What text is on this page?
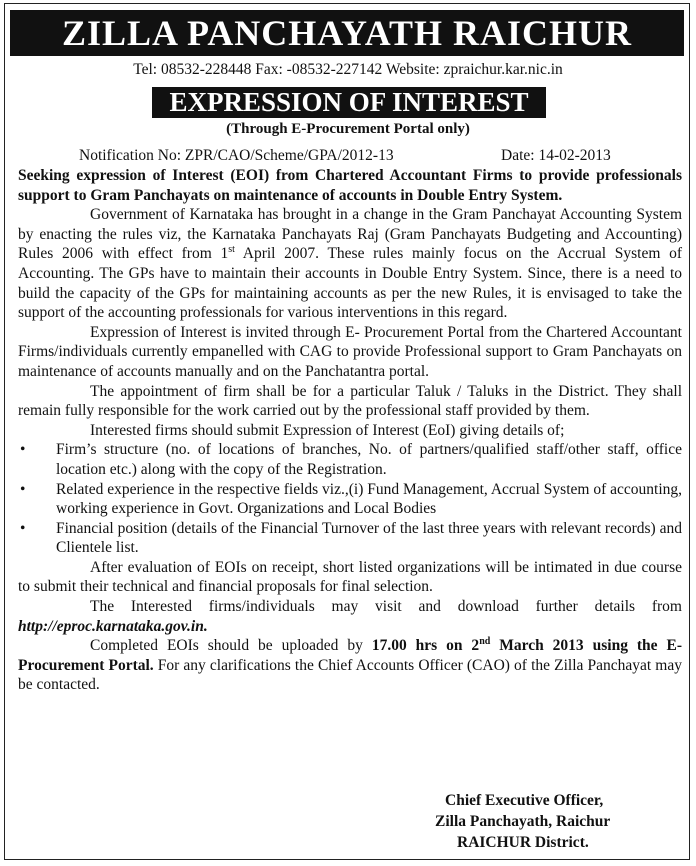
ZILLA PANCHAYATH RAICHUR
Tel: 08532-228448 Fax: -08532-227142 Website: zpraichur.kar.nic.in
EXPRESSION OF INTEREST
(Through E-Procurement Portal only)
Notification No: ZPR/CAO/Scheme/GPA/2012-13	Date: 14-02-2013

Seeking expression of Interest (EOI) from Chartered Accountant Firms to provide professionals support to Gram Panchayats on maintenance of accounts in Double Entry System.

Government of Karnataka has brought in a change in the Gram Panchayat Accounting System by enacting the rules viz, the Karnataka Panchayats Raj (Gram Panchayats Budgeting and Accounting) Rules 2006 with effect from 1st April 2007. These rules mainly focus on the Accrual System of Accounting. The GPs have to maintain their accounts in Double Entry System. Since, there is a need to build the capacity of the GPs for maintaining accounts as per the new Rules, it is envisaged to take the support of the accounting professionals for various interventions in this regard.

Expression of Interest is invited through E- Procurement Portal from the Chartered Accountant Firms/individuals currently empanelled with CAG to provide Professional support to Gram Panchayats on maintenance of accounts manually and on the Panchatantra portal.

The appointment of firm shall be for a particular Taluk / Taluks in the District. They shall remain fully responsible for the work carried out by the professional staff provided by them.

Interested firms should submit Expression of Interest (EoI) giving details of;

• Firm’s structure (no. of locations of branches, No. of partners/qualified staff/other staff, office location etc.) along with the copy of the Registration.
• Related experience in the respective fields viz.,(i) Fund Management, Accrual System of accounting, working experience in Govt. Organizations and Local Bodies
• Financial position (details of the Financial Turnover of the last three years with relevant records) and Clientele list.

After evaluation of EOIs on receipt, short listed organizations will be intimated in due course to submit their technical and financial proposals for final selection.

The Interested firms/individuals may visit and download further details from http://eproc.karnataka.gov.in.

Completed EOIs should be uploaded by 17.00 hrs on 2nd March 2013 using the E-Procurement Portal. For any clarifications the Chief Accounts Officer (CAO) of the Zilla Panchayat may be contacted.

Chief Executive Officer,
Zilla Panchayath, Raichur
RAICHUR District.
